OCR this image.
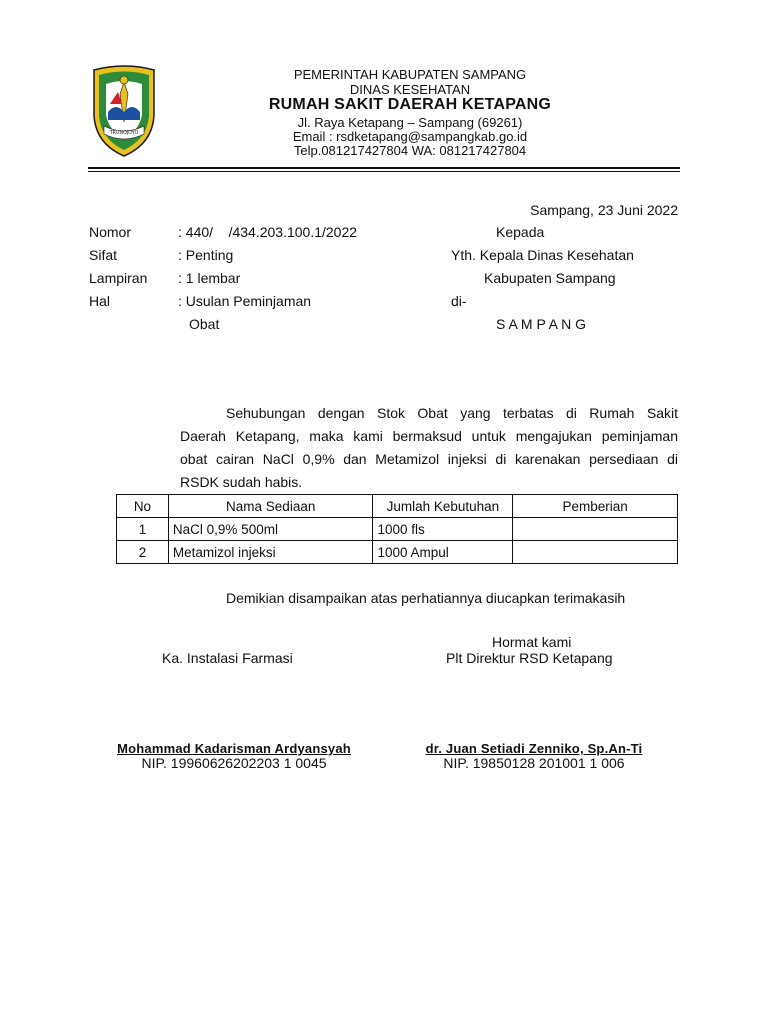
TRUNOJOYO
PEMERINTAH KABUPATEN SAMPANG
DINAS KESEHATAN
RUMAH SAKIT DAERAH KETAPANG
Jl. Raya Ketapang – Sampang (69261)
Email : rsdketapang@sampangkab.go.id
Telp.081217427804 WA: 081217427804
Sampang, 23 Juni 2022
Nomor	: 440/    /434.203.100.1/2022
Sifat	: Penting
Lampiran : 1 lembar
Hal	: Usulan Peminjaman
Obat
Kepada
Yth. Kepala Dinas Kesehatan
Kabupaten Sampang
di-
S A M P A N G
Sehubungan dengan Stok Obat yang terbatas di Rumah Sakit
Daerah Ketapang, maka kami bermaksud untuk mengajukan peminjaman
obat cairan NaCl 0,9% dan Metamizol injeksi di karenakan persediaan di
RSDK sudah habis.
No	Nama Sediaan	Jumlah Kebutuhan	Pemberian
1	NaCl 0,9% 500ml	1000 fls	
2	Metamizol injeksi	1000 Ampul	
Demikian disampaikan atas perhatiannya diucapkan terimakasih
Ka. Instalasi Farmasi
Hormat kami
Plt Direktur RSD Ketapang
Mohammad Kadarisman Ardyansyah
NIP. 19960626202203 1 0045
dr. Juan Setiadi Zenniko, Sp.An-Ti
NIP. 19850128 201001 1 006
